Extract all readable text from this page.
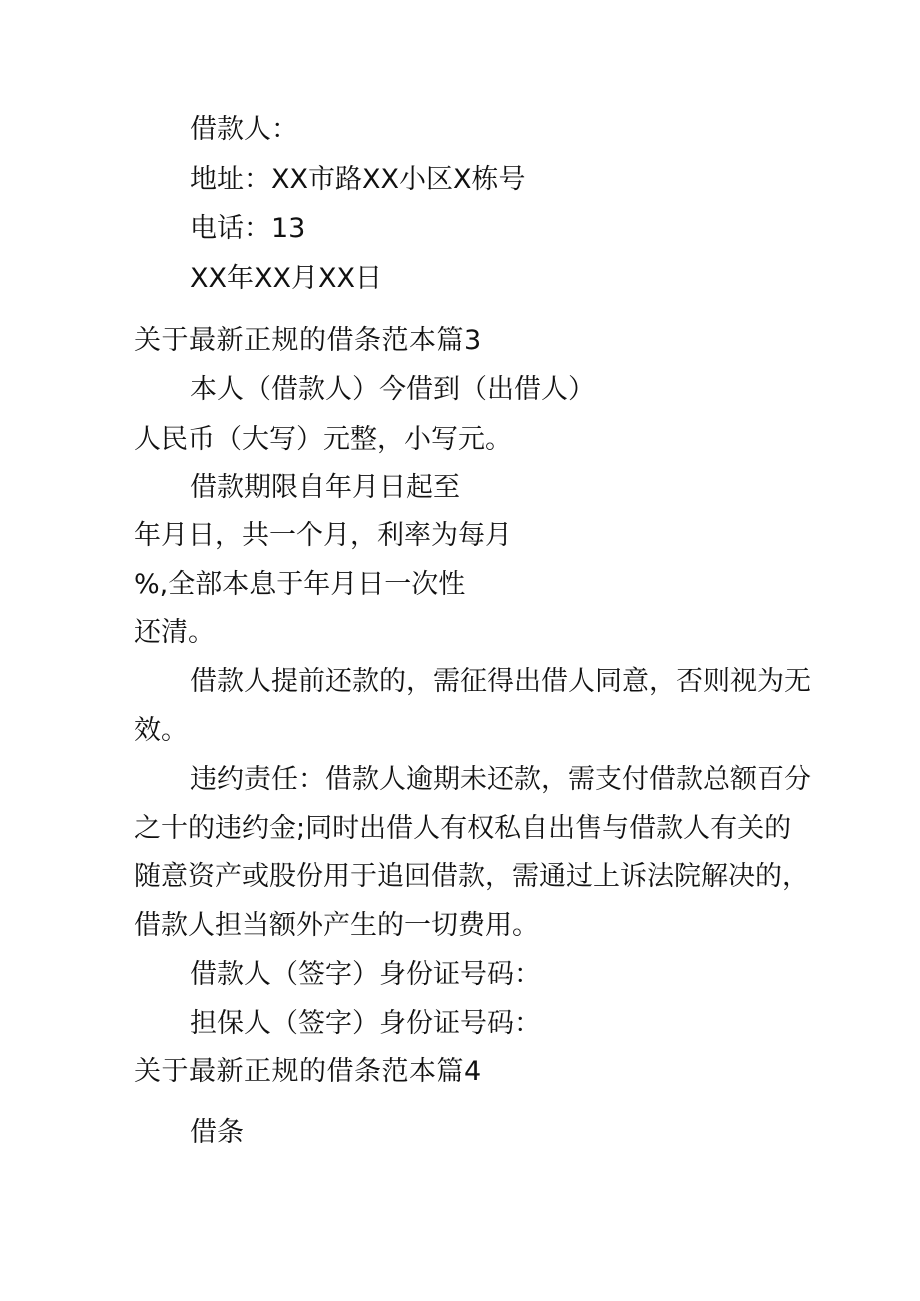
借款人：
地址：XX市路XX小区X栋号
电话：13
XX年XX月XX日
关于最新正规的借条范本篇3
本人（借款人）今借到（出借人）
人民币（大写）元整，小写元。
借款期限自年月日起至
年月日，共一个月，利率为每月
%,全部本息于年月日一次性
还清。
借款人提前还款的，需征得出借人同意，否则视为无
效。
违约责任：借款人逾期未还款，需支付借款总额百分
之十的违约金;同时出借人有权私自出售与借款人有关的
随意资产或股份用于追回借款，需通过上诉法院解决的，
借款人担当额外产生的一切费用。
借款人（签字）身份证号码：
担保人（签字）身份证号码：
关于最新正规的借条范本篇4
借条
